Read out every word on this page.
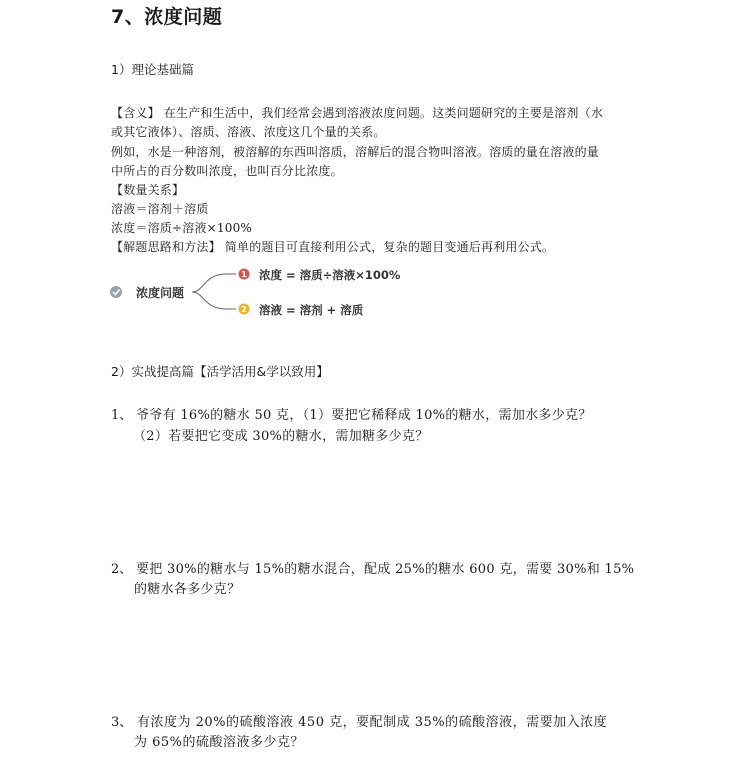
7、浓度问题
1）理论基础篇
【含义】 在生产和生活中，我们经常会遇到溶液浓度问题。这类问题研究的主要是溶剂（水
或其它液体）、溶质、溶液、浓度这几个量的关系。
例如，水是一种溶剂，被溶解的东西叫溶质，溶解后的混合物叫溶液。溶质的量在溶液的量
中所占的百分数叫浓度，也叫百分比浓度。
【数量关系】
溶液＝溶剂＋溶质
浓度＝溶质÷溶液×100%
【解题思路和方法】 简单的题目可直接利用公式，复杂的题目变通后再利用公式。
浓度问题
1 浓度 = 溶质÷溶液×100%
2 溶液 = 溶剂 + 溶质
2）实战提高篇【活学活用&学以致用】
1、 爷爷有 16%的糖水 50 克，（1）要把它稀释成 10%的糖水，需加水多少克？
（2）若要把它变成 30%的糖水，需加糖多少克？
2、 要把 30%的糖水与 15%的糖水混合，配成 25%的糖水 600 克，需要 30%和 15%
的糖水各多少克？
3、 有浓度为 20%的硫酸溶液 450 克，要配制成 35%的硫酸溶液，需要加入浓度
为 65%的硫酸溶液多少克？
